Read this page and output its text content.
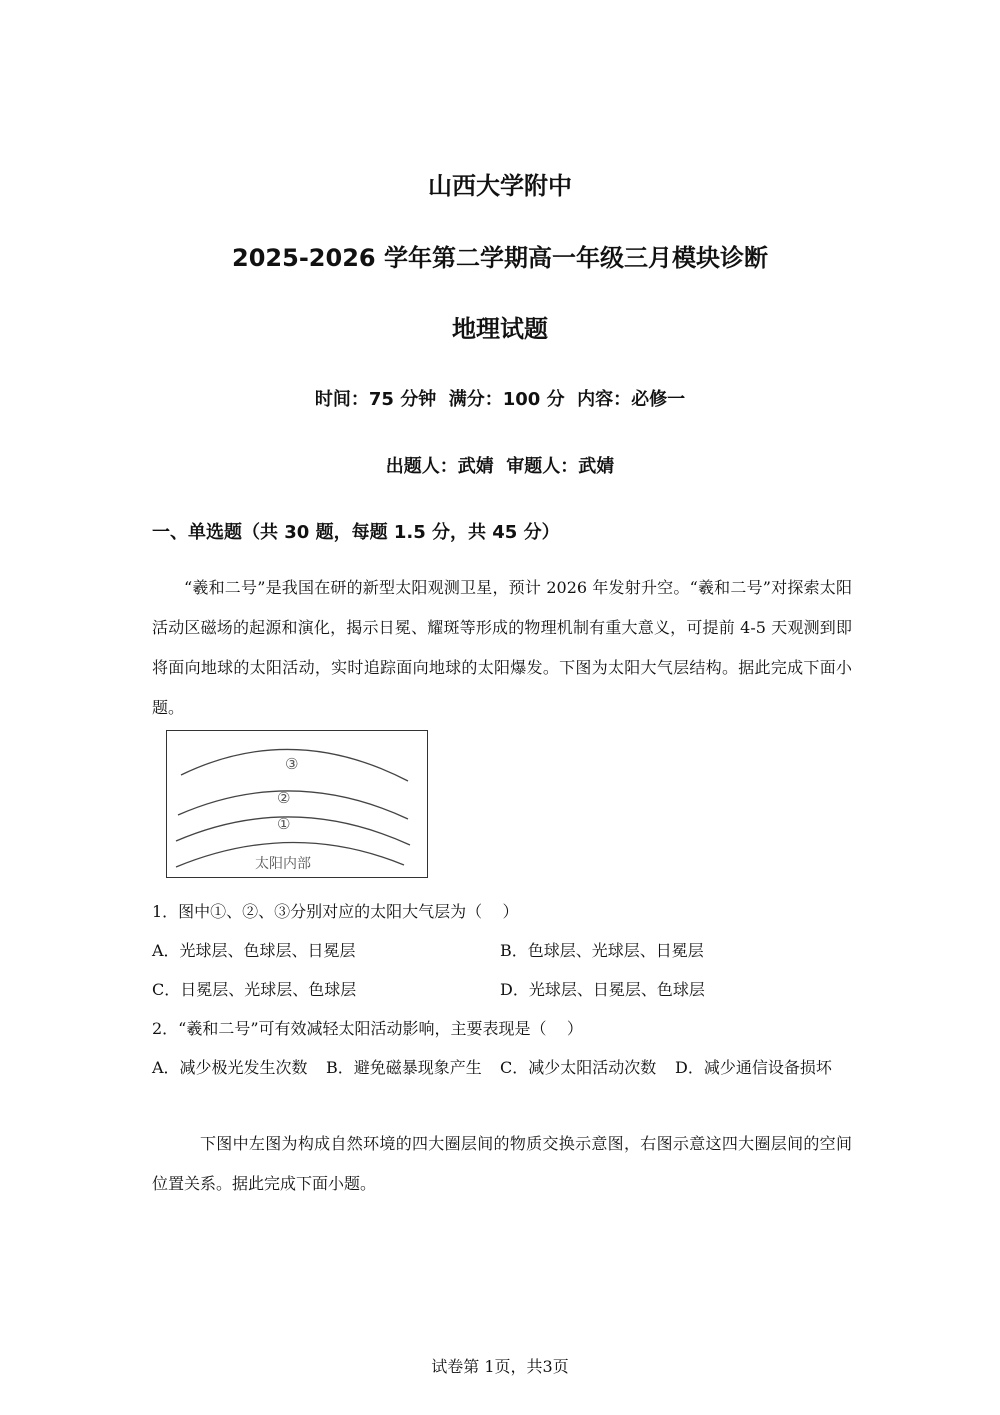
山西大学附中
2025-2026 学年第二学期高一年级三月模块诊断
地理试题
时间：75 分钟  满分：100 分  内容：必修一
出题人：武婧  审题人：武婧
一、单选题（共 30 题，每题 1.5 分，共 45 分）
“羲和二号”是我国在研的新型太阳观测卫星，预计 2026 年发射升空。“羲和二号”对探索太阳活动区磁场的起源和演化，揭示日冕、耀斑等形成的物理机制有重大意义，可提前 4-5 天观测到即将面向地球的太阳活动，实时追踪面向地球的太阳爆发。下图为太阳大气层结构。据此完成下面小题。
③
②
①
太阳内部
1．图中①、②、③分别对应的太阳大气层为（    ）
A．光球层、色球层、日冕层	B．色球层、光球层、日冕层
C．日冕层、光球层、色球层	D．光球层、日冕层、色球层
2．“羲和二号”可有效减轻太阳活动影响，主要表现是（    ）
A．减少极光发生次数 B．避免磁暴现象产生 C．减少太阳活动次数 D．减少通信设备损坏
下图中左图为构成自然环境的四大圈层间的物质交换示意图，右图示意这四大圈层间的空间位置关系。据此完成下面小题。
试卷第 1页，共3页
